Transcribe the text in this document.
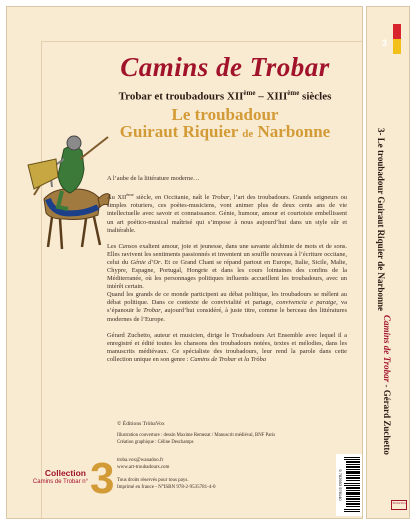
Camins de Trobar
Trobar et troubadours XIIème – XIIIème siècles
Le troubadour
Guiraut Riquier de Narbonne

A l’aube de la littérature moderne…

Au XIIème siècle, en Occitanie, naît le Trobar, l’art des troubadours. Grands seigneurs ou simples roturiers, ces poètes-musiciens, vont animer plus de deux cents ans de vie intellectuelle avec savoir et connaissance. Génie, humour, amour et courtoisie embellissent un art poético-musical maîtrisé qui s’impose à nous aujourd’hui dans un style sûr et inaltérable.

Les Cansos exaltent amour, joie et jeunesse, dans une savante alchimie de mots et de sons. Elles ravivent les sentiments passionnés et inventent un souffle nouveau à l’écriture occitane, celui du Génie d’Or. Et ce Grand Chant se répand partout en Europe, Italie, Sicile, Malte, Chypre, Espagne, Portugal, Hongrie et dans les cours lointaines des confins de la Méditerranée, où les personnages politiques influents accueillent les troubadours, avec un intérêt certain.

Quand les grands de ce monde participent au débat politique, les troubadours se mêlent au débat politique. Dans ce contexte de convivialité et partage, convivencia e paratge, va s’épanouir le Trobar, aujourd’hui considéré, à juste titre, comme le berceau des littératures modernes de l’Europe.

Gérard Zuchetto, auteur et musicien, dirige le Troubadours Art Ensemble avec lequel il a enregistré et édité toutes les chansons des troubadours notées, textes et mélodies, dans les manuscrits médiévaux. Ce spécialiste des troubadours, leur rend la parole dans cette collection unique en son genre : Camins de Trobar et la Tròba

© Éditions TròbaVox
Illustration couverture : dessin Maxime Remezat / Manuscrit médiéval, BNF Paris
Création graphique : Céline Deschamps
troba.vox@wanadoo.fr
www.art-troubadours.com
Tous droits réservés pour tous pays.
Imprimé en france - N°ISBN 978-2-9535781-4-0
Collection
Camins de Trobar n° 3	9 782953 578140
3
3- Le troubadour Guiraut Riquier de Narbonne
Camins de Trobar - Gérard Zuchetto
TròbaVox
